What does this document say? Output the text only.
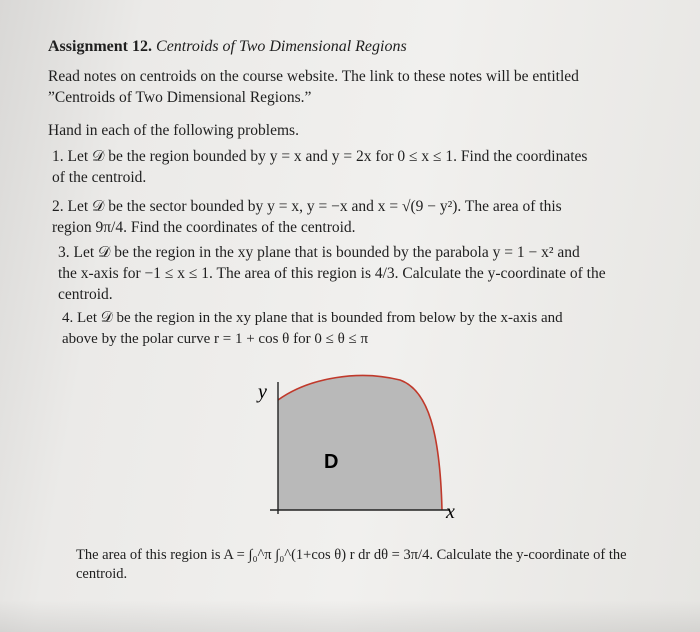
Assignment 12. Centroids of Two Dimensional Regions
Read notes on centroids on the course website. The link to these notes will be entitled
”Centroids of Two Dimensional Regions.”
Hand in each of the following problems.
1. Let 𝒟 be the region bounded by y = x and y = 2x for 0 ≤ x ≤ 1. Find the coordinates
of the centroid.
2. Let 𝒟 be the sector bounded by y = x, y = −x and x = √(9 − y²). The area of this
region 9π/4. Find the coordinates of the centroid.
3. Let 𝒟 be the region in the xy plane that is bounded by the parabola y = 1 − x² and
the x-axis for −1 ≤ x ≤ 1. The area of this region is 4/3. Calculate the y-coordinate of the
centroid.
4. Let 𝒟 be the region in the xy plane that is bounded from below by the x-axis and
above by the polar curve r = 1 + cos θ for 0 ≤ θ ≤ π
y
x
D
The area of this region is A = ∫₀^π ∫₀^(1+cos θ) r dr dθ = 3π/4. Calculate the y-coordinate of the
centroid.
